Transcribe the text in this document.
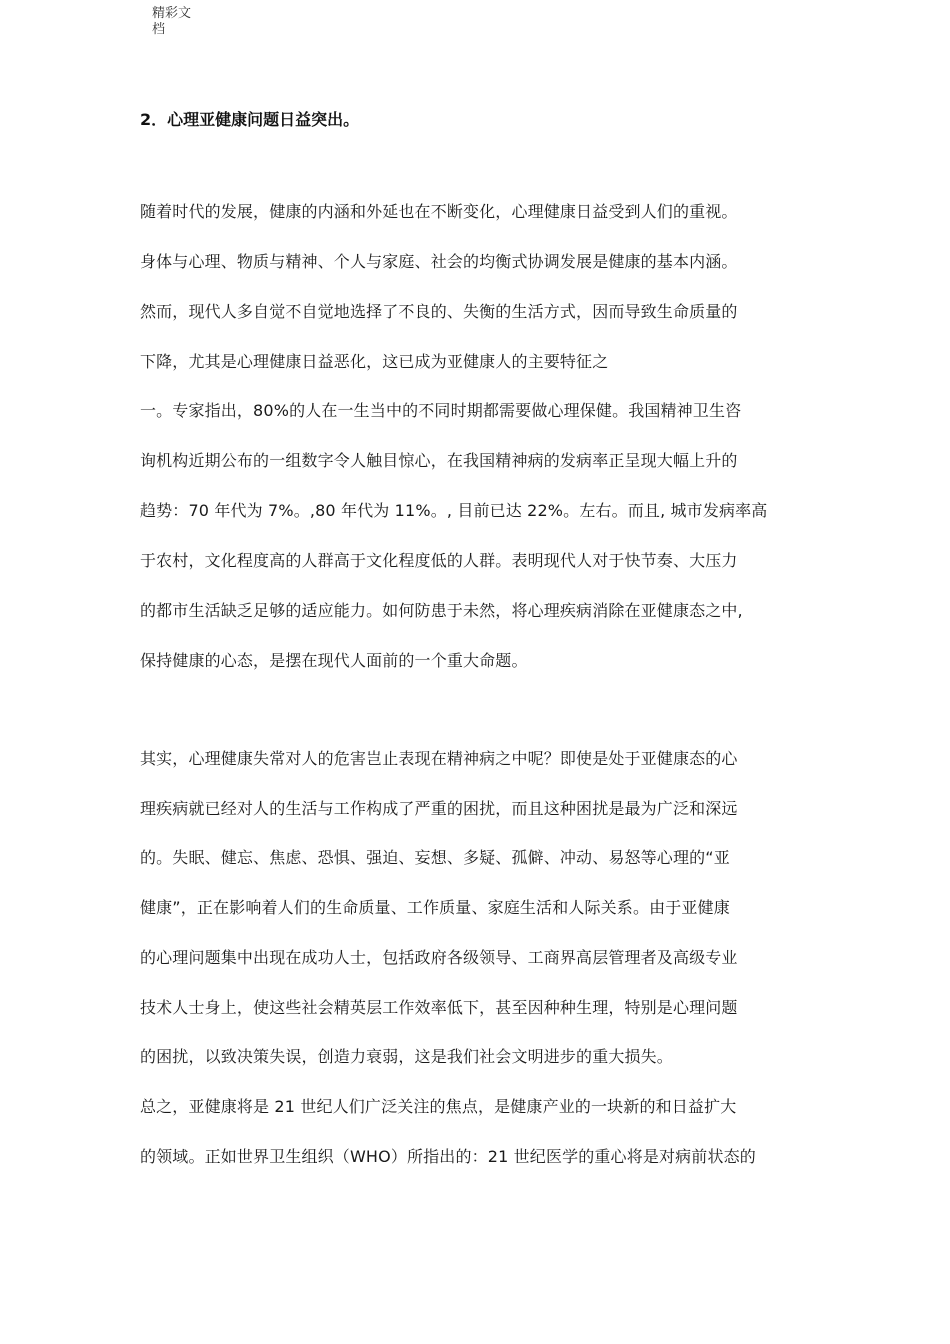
精彩文
档
2．心理亚健康问题日益突出。
随着时代的发展，健康的内涵和外延也在不断变化，心理健康日益受到人们的重视。
身体与心理、物质与精神、个人与家庭、社会的均衡式协调发展是健康的基本内涵。
然而，现代人多自觉不自觉地选择了不良的、失衡的生活方式，因而导致生命质量的
下降，尤其是心理健康日益恶化，这已成为亚健康人的主要特征之
一。专家指出，80%的人在一生当中的不同时期都需要做心理保健。我国精神卫生咨
询机构近期公布的一组数字令人触目惊心，在我国精神病的发病率正呈现大幅上升的
趋势：70 年代为 7%。,80 年代为 11%。, 目前已达 22%。左右。而且, 城市发病率高
于农村，文化程度高的人群高于文化程度低的人群。表明现代人对于快节奏、大压力
的都市生活缺乏足够的适应能力。如何防患于未然，将心理疾病消除在亚健康态之中,
保持健康的心态，是摆在现代人面前的一个重大命题。
其实，心理健康失常对人的危害岂止表现在精神病之中呢？即使是处于亚健康态的心
理疾病就已经对人的生活与工作构成了严重的困扰，而且这种困扰是最为广泛和深远
的。失眠、健忘、焦虑、恐惧、强迫、妄想、多疑、孤僻、冲动、易怒等心理的“亚
健康”，正在影响着人们的生命质量、工作质量、家庭生活和人际关系。由于亚健康
的心理问题集中出现在成功人士，包括政府各级领导、工商界高层管理者及高级专业
技术人士身上，使这些社会精英层工作效率低下，甚至因种种生理，特别是心理问题
的困扰，以致决策失误，创造力衰弱，这是我们社会文明进步的重大损失。
总之，亚健康将是 21 世纪人们广泛关注的焦点，是健康产业的一块新的和日益扩大
的领域。正如世界卫生组织（WHO）所指出的：21 世纪医学的重心将是对病前状态的
